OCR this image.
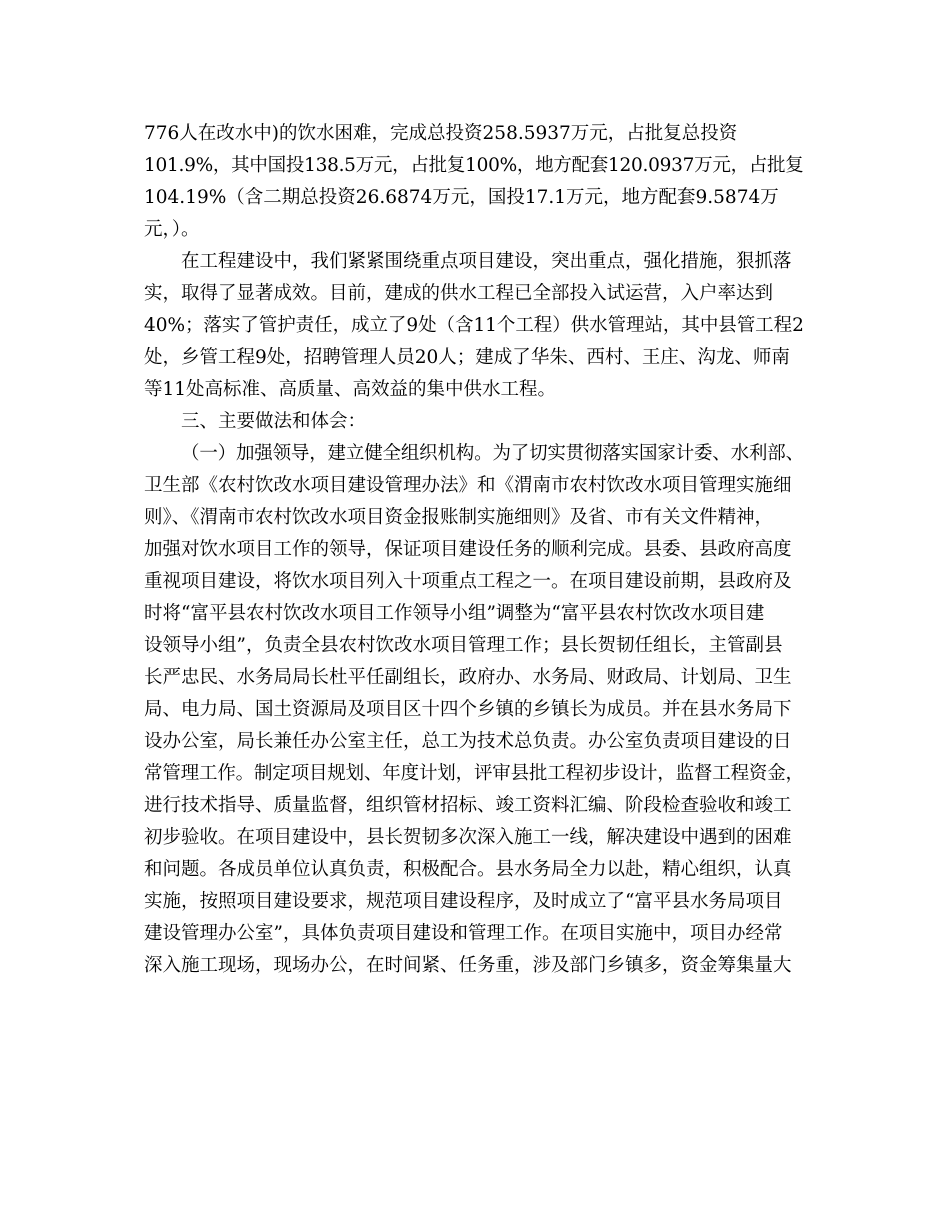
776人在改水中)的饮水困难，完成总投资258.5937万元，占批复总投资
101.9%，其中国投138.5万元，占批复100%，地方配套120.0937万元，占批复
104.19%（含二期总投资26.6874万元，国投17.1万元，地方配套9.5874万
元，）。
在工程建设中，我们紧紧围绕重点项目建设，突出重点，强化措施，狠抓落
实，取得了显著成效。目前，建成的供水工程已全部投入试运营，入户率达到
40%；落实了管护责任，成立了9处（含11个工程）供水管理站，其中县管工程2
处，乡管工程9处，招聘管理人员20人；建成了华朱、西村、王庄、沟龙、师南
等11处高标准、高质量、高效益的集中供水工程。
三、主要做法和体会：
（一）加强领导，建立健全组织机构。为了切实贯彻落实国家计委、水利部、
卫生部《农村饮改水项目建设管理办法》和《渭南市农村饮改水项目管理实施细
则》、《渭南市农村饮改水项目资金报账制实施细则》及省、市有关文件精神，
加强对饮水项目工作的领导，保证项目建设任务的顺利完成。县委、县政府高度
重视项目建设，将饮水项目列入十项重点工程之一。在项目建设前期，县政府及
时将“富平县农村饮改水项目工作领导小组”调整为“富平县农村饮改水项目建
设领导小组”，负责全县农村饮改水项目管理工作；县长贺韧任组长，主管副县
长严忠民、水务局局长杜平任副组长，政府办、水务局、财政局、计划局、卫生
局、电力局、国土资源局及项目区十四个乡镇的乡镇长为成员。并在县水务局下
设办公室，局长兼任办公室主任，总工为技术总负责。办公室负责项目建设的日
常管理工作。制定项目规划、年度计划，评审县批工程初步设计，监督工程资金，
进行技术指导、质量监督，组织管材招标、竣工资料汇编、阶段检查验收和竣工
初步验收。在项目建设中，县长贺韧多次深入施工一线，解决建设中遇到的困难
和问题。各成员单位认真负责，积极配合。县水务局全力以赴，精心组织，认真
实施，按照项目建设要求，规范项目建设程序，及时成立了“富平县水务局项目
建设管理办公室”，具体负责项目建设和管理工作。在项目实施中，项目办经常
深入施工现场，现场办公，在时间紧、任务重，涉及部门乡镇多，资金筹集量大
